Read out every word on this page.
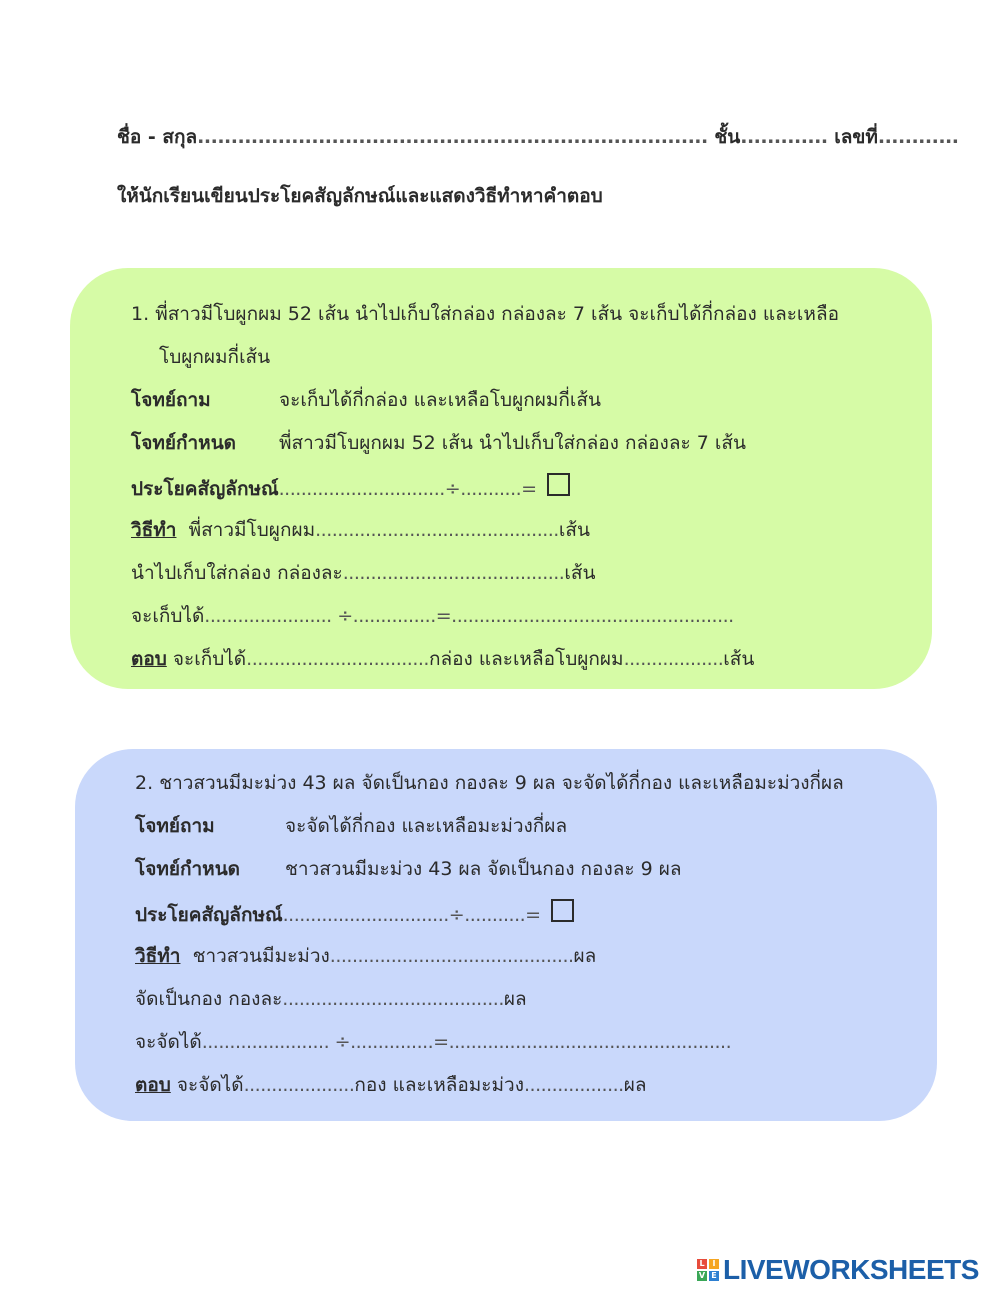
ชื่อ - สกุล............................................................................ ชั้น............. เลขที่............
ให้นักเรียนเขียนประโยคสัญลักษณ์และแสดงวิธีทำหาคำตอบ
1. พี่สาวมีโบผูกผม 52 เส้น นำไปเก็บใส่กล่อง กล่องละ 7 เส้น จะเก็บได้กี่กล่อง และเหลือ
โบผูกผมกี่เส้น
โจทย์ถาม	จะเก็บได้กี่กล่อง และเหลือโบผูกผมกี่เส้น
โจทย์กำหนด พี่สาวมีโบผูกผม 52 เส้น นำไปเก็บใส่กล่อง กล่องละ 7 เส้น
ประโยคสัญลักษณ์..............................÷...........=
วิธีทำ พี่สาวมีโบผูกผม............................................เส้น
นำไปเก็บใส่กล่อง กล่องละ........................................เส้น
จะเก็บได้....................... ÷...............=...................................................
ตอบ จะเก็บได้.................................กล่อง และเหลือโบผูกผม..................เส้น
2. ชาวสวนมีมะม่วง 43 ผล จัดเป็นกอง กองละ 9 ผล จะจัดได้กี่กอง และเหลือมะม่วงกี่ผล
โจทย์ถาม	จะจัดได้กี่กอง และเหลือมะม่วงกี่ผล
โจทย์กำหนด ชาวสวนมีมะม่วง 43 ผล จัดเป็นกอง กองละ 9 ผล
ประโยคสัญลักษณ์..............................÷...........=
วิธีทำ ชาวสวนมีมะม่วง............................................ผล
จัดเป็นกอง กองละ........................................ผล
จะจัดได้....................... ÷...............=...................................................
ตอบ จะจัดได้....................กอง และเหลือมะม่วง..................ผล
L I
V E LIVEWORKSHEETS
